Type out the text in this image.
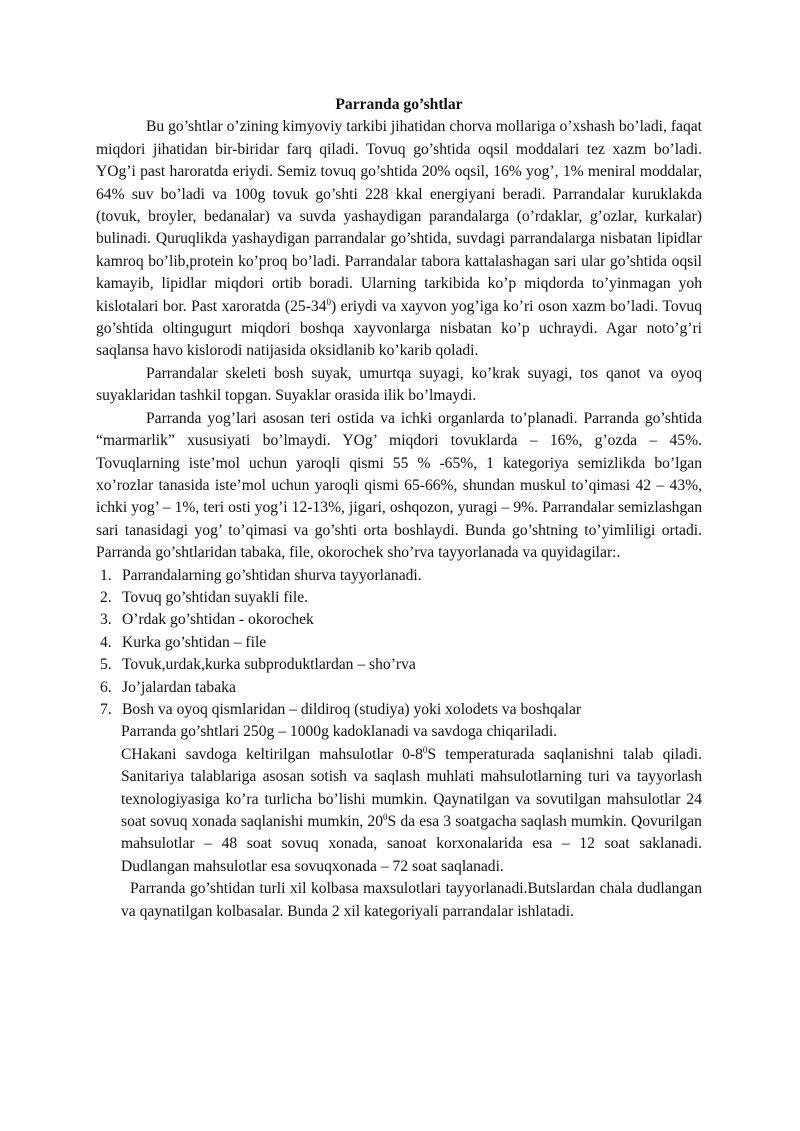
Parranda go’shtlar

Bu go’shtlar o’zining kimyoviy tarkibi jihatidan chorva mollariga o’xshash bo’ladi, faqat miqdori jihatidan bir-biridar farq qiladi. Tovuq go’shtida oqsil moddalari tez xazm bo’ladi. YOg’i past haroratda eriydi. Semiz tovuq go’shtida 20% oqsil, 16% yog’, 1% meniral moddalar, 64% suv bo’ladi va 100g tovuk go’shti 228 kkal energiyani beradi. Parrandalar kuruklakda (tovuk, broyler, bedanalar) va suvda yashaydigan parandalarga (o’rdaklar, g’ozlar, kurkalar) bulinadi. Quruqlikda yashaydigan parrandalar go’shtida, suvdagi parrandalarga nisbatan lipidlar kamroq bo’lib,protein ko’proq bo’ladi. Parrandalar tabora kattalashagan sari ular go’shtida oqsil kamayib, lipidlar miqdori ortib boradi. Ularning tarkibida ko’p miqdorda to’yinmagan yoh kislotalari bor. Past xaroratda $(25-34^0)$ eriydi va xayvon yog’iga ko’ri oson xazm bo’ladi. Tovuq go’shtida oltingugurt miqdori boshqa xayvonlarga nisbatan ko’p uchraydi. Agar noto’g’ri saqlansa havo kislorodi natijasida oksidlanib ko’karib qoladi.

Parrandalar skeleti bosh suyak, umurtqa suyagi, ko’krak suyagi, tos qanot va oyoq suyaklaridan tashkil topgan. Suyaklar orasida ilik bo’lmaydi.

Parranda yog’lari asosan teri ostida va ichki organlarda to’planadi. Parranda go’shtida “marmarlik” xususiyati bo’lmaydi. YOg’ miqdori tovuklarda – 16%, g’ozda – 45%. Tovuqlarning iste’mol uchun yaroqli qismi 55 % -65%, 1 kategoriya semizlikda bo’lgan xo’rozlar tanasida iste’mol uchun yaroqli qismi 65-66%, shundan muskul to’qimasi 42 – 43%, ichki yog’ – 1%, teri osti yog’i 12-13%, jigari, oshqozon, yuragi – 9%. Parrandalar semizlashgan sari tanasidagi yog’ to’qimasi va go’shti orta boshlaydi. Bunda go’shtning to’yimliligi ortadi. Parranda go’shtlaridan tabaka, file, okorochek sho’rva tayyorlanada va quyidagilar:.

1. Parrandalarning go’shtidan shurva tayyorlanadi.
2. Tovuq go’shtidan suyakli file.
3. O’rdak go’shtidan - okorochek
4. Kurka go’shtidan – file
5. Tovuk,urdak,kurka subproduktlardan – sho’rva
6. Jo’jalardan tabaka
7. Bosh va oyoq qismlaridan – dildiroq (studiya) yoki xolodets va boshqalar

Parranda go’shtlari 250g – 1000g kadoklanadi va savdoga chiqariladi.

CHakani savdoga keltirilgan mahsulotlar $0-8^0S$ temperaturada saqlanishni talab qiladi. Sanitariya talablariga asosan sotish va saqlash muhlati mahsulotlarning turi va tayyorlash texnologiyasiga ko’ra turlicha bo’lishi mumkin. Qaynatilgan va sovutilgan mahsulotlar 24 soat sovuq xonada saqlanishi mumkin, $20^0S$ da esa 3 soatgacha saqlash mumkin. Qovurilgan mahsulotlar – 48 soat sovuq xonada, sanoat korxonalarida esa – 12 soat saklanadi. Dudlangan mahsulotlar esa sovuqxonada – 72 soat saqlanadi.

Parranda go’shtidan turli xil kolbasa maxsulotlari tayyorlanadi.Butslardan chala dudlangan va qaynatilgan kolbasalar. Bunda 2 xil kategoriyali parrandalar ishlatadi.
